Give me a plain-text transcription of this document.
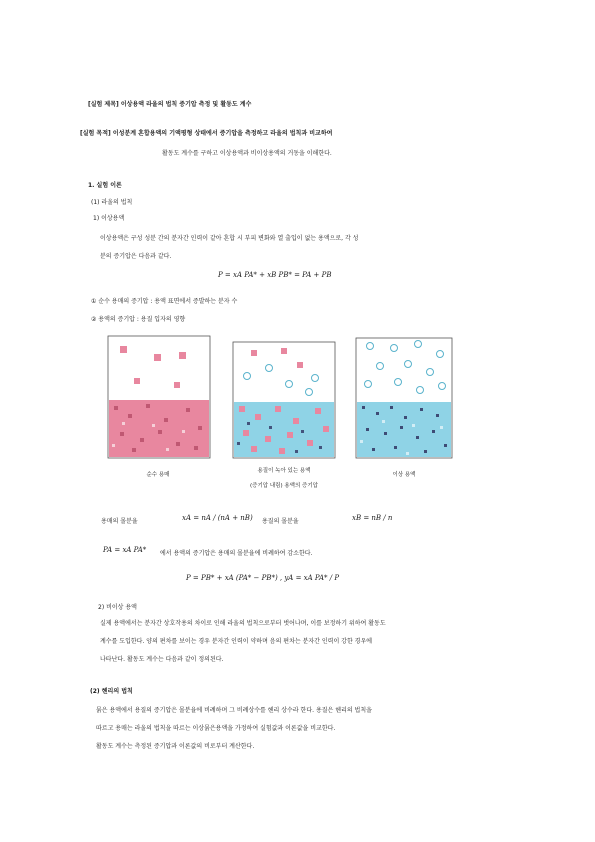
[실험 제목] 이상용액 라울의 법칙 증기압 측정 및 활동도 계수
[실험 목적] 이성분계 혼합용액의 기액평형 상태에서 증기압을 측정하고 라울의 법칙과 비교하여
활동도 계수를 구하고 이상용액과 비이상용액의 거동을 이해한다.
1. 실험 이론
(1) 라울의 법칙
1) 이상용액
이상용액은 구성 성분 간의 분자간 인력이 같아 혼합 시 부피 변화와 열 출입이 없는 용액으로, 각 성
분의 증기압은 다음과 같다.
P = xA PA* + xB PB* = PA + PB
① 순수 용매의 증기압 : 용액 표면에서 증발하는 분자 수
② 용액의 증기압 : 용질 입자의 영향
순수 용매
용질이 녹아 있는 용액
(증기압 내림) 용액의 증기압
이상 용액
용매의 몰분율	xA = nA / (nA + nB) 용질의 몰분율	xB = nB / n
PA = xA PA* 에서 용액의 증기압은 용매의 몰분율에 비례하여 감소한다.
P = PB* + xA (PA* − PB*) , yA = xA PA* / P
2) 비이상 용액
실제 용액에서는 분자간 상호작용의 차이로 인해 라울의 법칙으로부터 벗어나며, 이를 보정하기 위하여 활동도
계수를 도입한다. 양의 편차를 보이는 경우 분자간 인력이 약하며 음의 편차는 분자간 인력이 강한 경우에
나타난다. 활동도 계수는 다음과 같이 정의된다.
(2) 헨리의 법칙
묽은 용액에서 용질의 증기압은 몰분율에 비례하며 그 비례상수를 헨리 상수라 한다. 용질은 헨리의 법칙을
따르고 용매는 라울의 법칙을 따르는 이상묽은용액을 가정하여 실험값과 이론값을 비교한다.
활동도 계수는 측정된 증기압과 이론값의 비로부터 계산한다.
